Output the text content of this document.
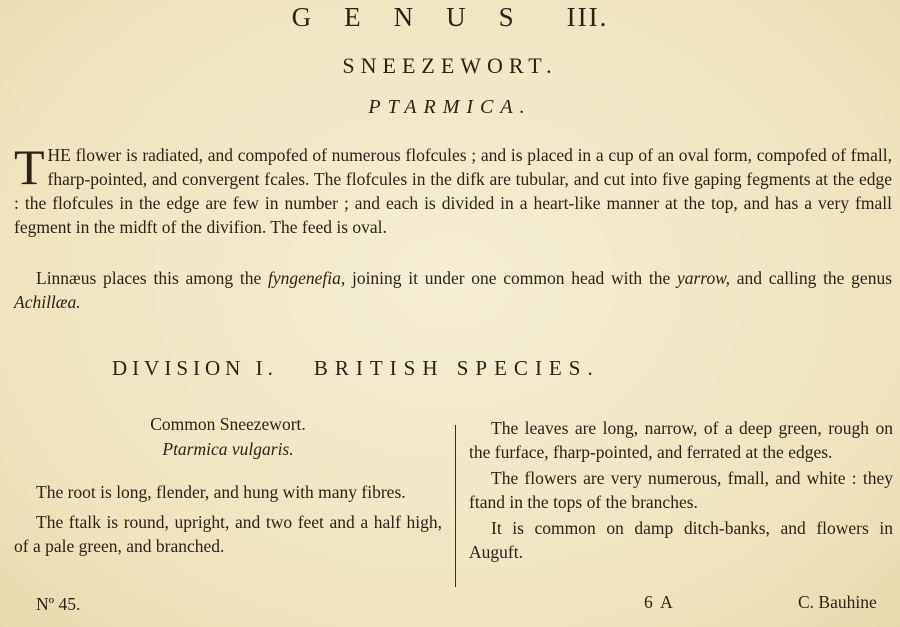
GENUS III.
SNEEZEWORT.
PTARMICA.
THE flower is radiated, and compofed of numerous flofcules ; and is placed in a cup of an oval form, compofed of fmall, fharp-pointed, and convergent fcales. The flofcules in the difk are tubular, and cut into five gaping fegments at the edge : the flofcules in the edge are few in number ; and each is divided in a heart-like manner at the top, and has a very fmall fegment in the midft of the divifion. The feed is oval.
Linnæus places this among the fyngenefia, joining it under one common head with the yarrow, and calling the genus Achillæa.
DIVISION I. BRITISH SPECIES.
Common Sneezewort.
Ptarmica vulgaris.

The root is long, flender, and hung with many fibres.

The ftalk is round, upright, and two feet and a half high, of a pale green, and branched.

The leaves are long, narrow, of a deep green, rough on the furface, fharp-pointed, and ferrated at the edges.

The flowers are very numerous, fmall, and white : they ftand in the tops of the branches.

It is common on damp ditch-banks, and flowers in Auguft.

Nº 45.	6 A	C. Bauhine
